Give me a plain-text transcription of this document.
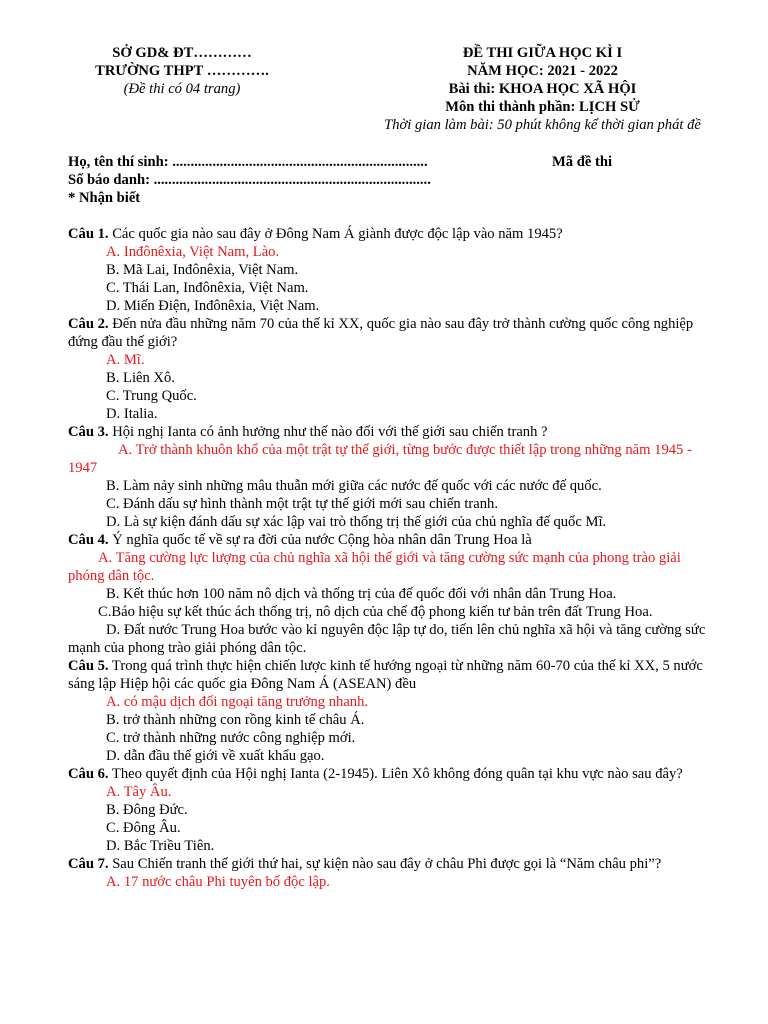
SỞ GD& ĐT…………
TRƯỜNG THPT ………….
(Đề thi có 04 trang)
ĐỀ THI GIỮA HỌC KÌ I
NĂM HỌC: 2021 - 2022
Bài thi: KHOA HỌC XÃ HỘI
Môn thi thành phần: LỊCH SỬ
Thời gian làm bài: 50 phút không kể thời gian phát đề
Họ, tên thí sinh: ......................................................................	Mã đề thi
Số báo danh: ............................................................................
* Nhận biết
Câu 1. Các quốc gia nào sau đây ở Đông Nam Á giành được độc lập vào năm 1945?
A. Inđônêxia, Việt Nam, Lào.
B. Mã Lai, Inđônêxia, Việt Nam.
C. Thái Lan, Inđônêxia, Việt Nam.
D. Miến Điện, Inđônêxia, Việt Nam.
Câu 2. Đến nửa đầu những năm 70 của thế kỉ XX, quốc gia nào sau đây trở thành cường quốc công nghiệp đứng đầu thế giới?
A. Mĩ.
B. Liên Xô.
C. Trung Quốc.
D. Italia.
Câu 3. Hội nghị Ianta có ảnh hưởng như thế nào đối với thế giới sau chiến tranh ?
A. Trở thành khuôn khổ của một trật tự thế giới, từng bước được thiết lập trong những năm 1945 - 1947
B. Làm nảy sinh những mâu thuẫn mới giữa các nước đế quốc với các nước đế quốc.
C. Đánh dấu sự hình thành một trật tự thế giới mới sau chiến tranh.
D. Là sự kiện đánh dấu sự xác lập vai trò thống trị thế giới của chủ nghĩa đế quốc Mĩ.
Câu 4. Ý nghĩa quốc tế về sự ra đời của nước Cộng hòa nhân dân Trung Hoa là
A. Tăng cường lực lượng của chủ nghĩa xã hội thế giới và tăng cường sức mạnh của phong trào giải phóng dân tộc.
B. Kết thúc hơn 100 năm nô dịch và thống trị của đế quốc đối với nhân dân Trung Hoa.
C.Báo hiệu sự kết thúc ách thống trị, nô dịch của chế độ phong kiến tư bản trên đất Trung Hoa.
D. Đất nước Trung Hoa bước vào kỉ nguyên độc lập tự do, tiến lên chủ nghĩa xã hội và tăng cường sức mạnh của phong trào giải phóng dân tộc.
Câu 5. Trong quá trình thực hiện chiến lược kinh tế hướng ngoại từ những năm 60-70 của thế kỉ XX, 5 nước sáng lập Hiệp hội các quốc gia Đông Nam Á (ASEAN) đều
A. có mậu dịch đối ngoại tăng trưởng nhanh.
B. trở thành những con rồng kinh tế châu Á.
C. trở thành những nước công nghiệp mới.
D. dẫn đầu thế giới về xuất khẩu gạo.
Câu 6. Theo quyết định của Hội nghị Ianta (2-1945). Liên Xô không đóng quân tại khu vực nào sau đây?
A. Tây Âu.
B. Đông Đức.
C. Đông Âu.
D. Bắc Triều Tiên.
Câu 7. Sau Chiến tranh thế giới thứ hai, sự kiện nào sau đây ở châu Phi được gọi là “Năm châu phi”?
A. 17 nước châu Phi tuyên bố độc lập.
